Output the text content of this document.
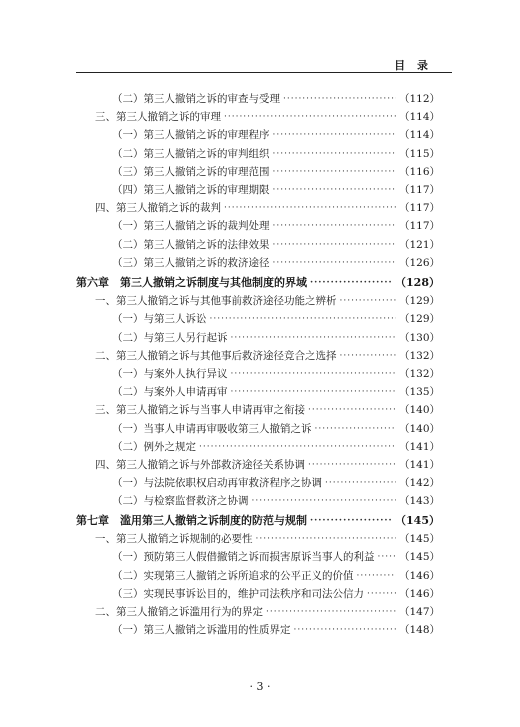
目 录
（二）第三人撤销之诉的审查与受理 ·····	（112）
三、第三人撤销之诉的审理 ·····	（114）
（一）第三人撤销之诉的审理程序 ·····	（114）
（二）第三人撤销之诉的审判组织 ·····	（115）
（三）第三人撤销之诉的审理范围 ·····	（116）
（四）第三人撤销之诉的审理期限 ·····	（117）
四、第三人撤销之诉的裁判 ·····	（117）
（一）第三人撤销之诉的裁判处理 ·····	（117）
（二）第三人撤销之诉的法律效果 ·····	（121）
（三）第三人撤销之诉的救济途径 ·····	（126）
第六章　第三人撤销之诉制度与其他制度的界域 ·····	（128）
一、第三人撤销之诉与其他事前救济途径功能之辨析 ·····	（129）
（一）与第三人诉讼 ·····	（129）
（二）与第三人另行起诉 ·····	（130）
二、第三人撤销之诉与其他事后救济途径竞合之选择 ·····	（132）
（一）与案外人执行异议 ·····	（132）
（二）与案外人申请再审 ·····	（135）
三、第三人撤销之诉与当事人申请再审之衔接 ·····	（140）
（一）当事人申请再审吸收第三人撤销之诉 ·····	（140）
（二）例外之规定 ·····	（141）
四、第三人撤销之诉与外部救济途径关系协调 ·····	（141）
（一）与法院依职权启动再审救济程序之协调 ·····	（142）
（二）与检察监督救济之协调 ·····	（143）
第七章　滥用第三人撤销之诉制度的防范与规制 ·····	（145）
一、第三人撤销之诉规制的必要性 ·····	（145）
（一）预防第三人假借撤销之诉而损害原诉当事人的利益 ····· （145）
（二）实现第三人撤销之诉所追求的公平正义的价值 ·····	（146）
（三）实现民事诉讼目的，维护司法秩序和司法公信力 ·····	（146）
二、第三人撤销之诉滥用行为的界定 ·····	（147）
（一）第三人撤销之诉滥用的性质界定 ·····	（148）
· 3 ·
